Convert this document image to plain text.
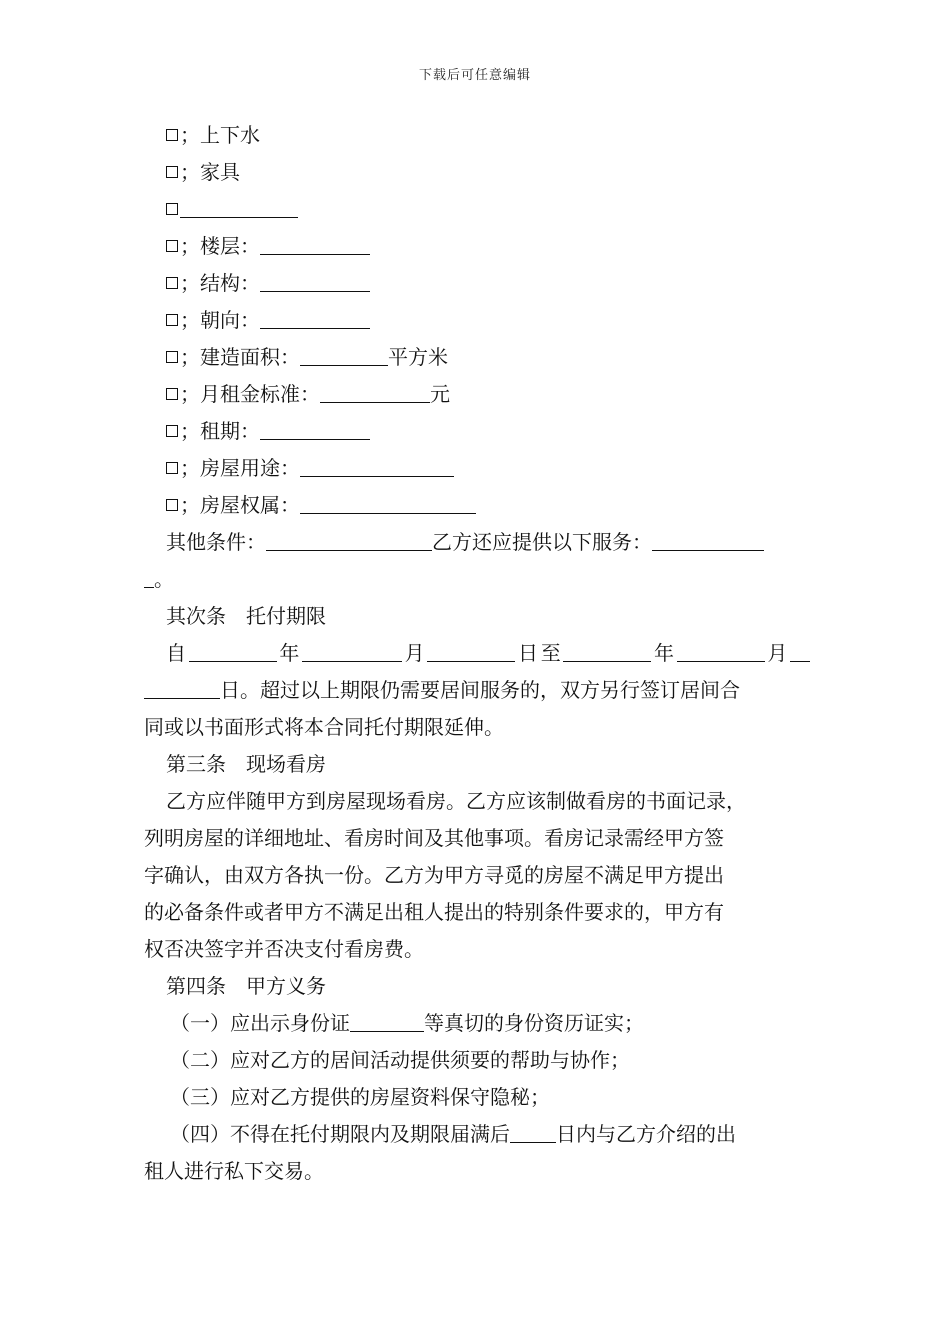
下载后可任意编辑
；上下水
；家具
；楼层：
；结构：
；朝向：
；建造面积：	平方米
；月租金标准：	元
；租期：
；房屋用途：
；房屋权属：
其他条件：	乙方还应提供以下服务：
。
其次条　托付期限
自	年	月	日至	年	月
日。超过以上期限仍需要居间服务的，双方另行签订居间合
同或以书面形式将本合同托付期限延伸。
第三条　现场看房
乙方应伴随甲方到房屋现场看房。乙方应该制做看房的书面记录，
列明房屋的详细地址、看房时间及其他事项。看房记录需经甲方签
字确认，由双方各执一份。乙方为甲方寻觅的房屋不满足甲方提出
的必备条件或者甲方不满足出租人提出的特别条件要求的，甲方有
权否决签字并否决支付看房费。
第四条　甲方义务
（一）应出示身份证	等真切的身份资历证实；
（二）应对乙方的居间活动提供须要的帮助与协作；
（三）应对乙方提供的房屋资料保守隐秘；
（四）不得在托付期限内及期限届满后 日内与乙方介绍的出
租人进行私下交易。
